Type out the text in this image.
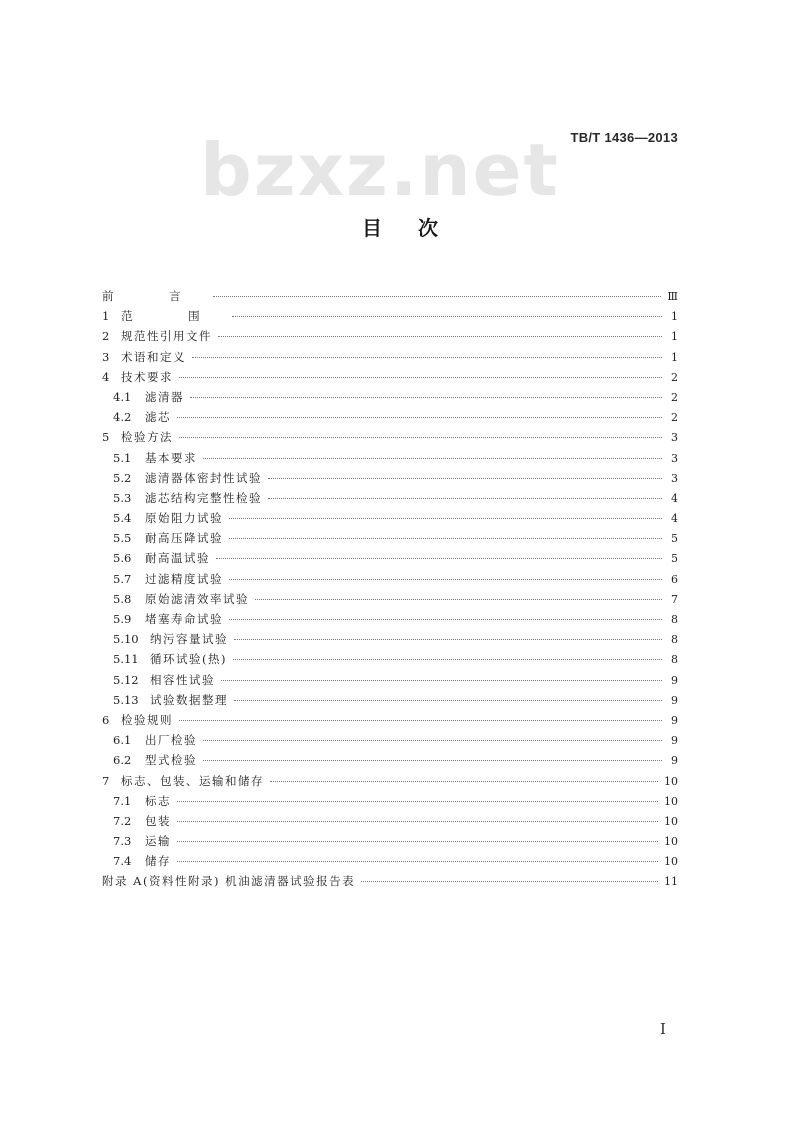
TB/T 1436—2013
bzxz.net
目次
前 言	Ⅲ
1	范 围	1
2	规范性引用文件	1
3	术语和定义	1
4	技术要求	2
4.1	滤清器	2
4.2	滤芯	2
5	检验方法	3
5.1	基本要求	3
5.2	滤清器体密封性试验	3
5.3	滤芯结构完整性检验	4
5.4	原始阻力试验	4
5.5	耐高压降试验	5
5.6	耐高温试验	5
5.7	过滤精度试验	6
5.8	原始滤清效率试验	7
5.9	堵塞寿命试验	8
5.10 纳污容量试验	8
5.11 循环试验(热)	8
5.12 相容性试验	9
5.13 试验数据整理	9
6	检验规则	9
6.1	出厂检验	9
6.2	型式检验	9
7	标志、包装、运输和储存	10
7.1	标志	10
7.2	包装	10
7.3	运输	10
7.4	储存	10
附录 A(资料性附录) 机油滤清器试验报告表	11
I
